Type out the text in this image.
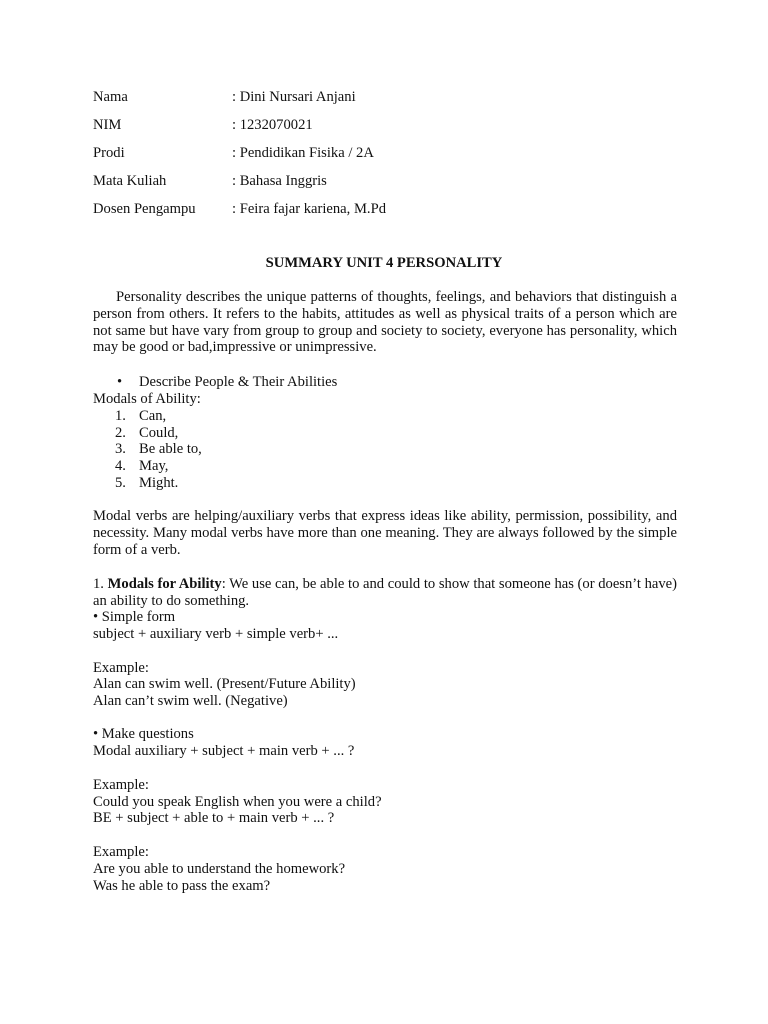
Nama	: Dini Nursari Anjani
NIM	: 1232070021
Prodi	: Pendidikan Fisika / 2A
Mata Kuliah	: Bahasa Inggris
Dosen Pengampu : Feira fajar kariena, M.Pd
SUMMARY UNIT 4 PERSONALITY
Personality describes the unique patterns of thoughts, feelings, and behaviors that distinguish a person from others. It refers to the habits, attitudes as well as physical traits of a person which are not same but have vary from group to group and society to society, everyone has personality, which may be good or bad,impressive or unimpressive.
• Describe People & Their Abilities
Modals of Ability:
1. Can,
2. Could,
3. Be able to,
4. May,
5. Might.
Modal verbs are helping/auxiliary verbs that express ideas like ability, permission, possibility, and necessity. Many modal verbs have more than one meaning. They are always followed by the simple form of a verb.
1. Modals for Ability: We use can, be able to and could to show that someone has (or doesn’t have) an ability to do something.
• Simple form
subject + auxiliary verb + simple verb+ ...
Example:
Alan can swim well. (Present/Future Ability)
Alan can’t swim well. (Negative)
• Make questions
Modal auxiliary + subject + main verb + ... ?
Example:
Could you speak English when you were a child?
BE + subject + able to + main verb + ... ?
Example:
Are you able to understand the homework?
Was he able to pass the exam?
